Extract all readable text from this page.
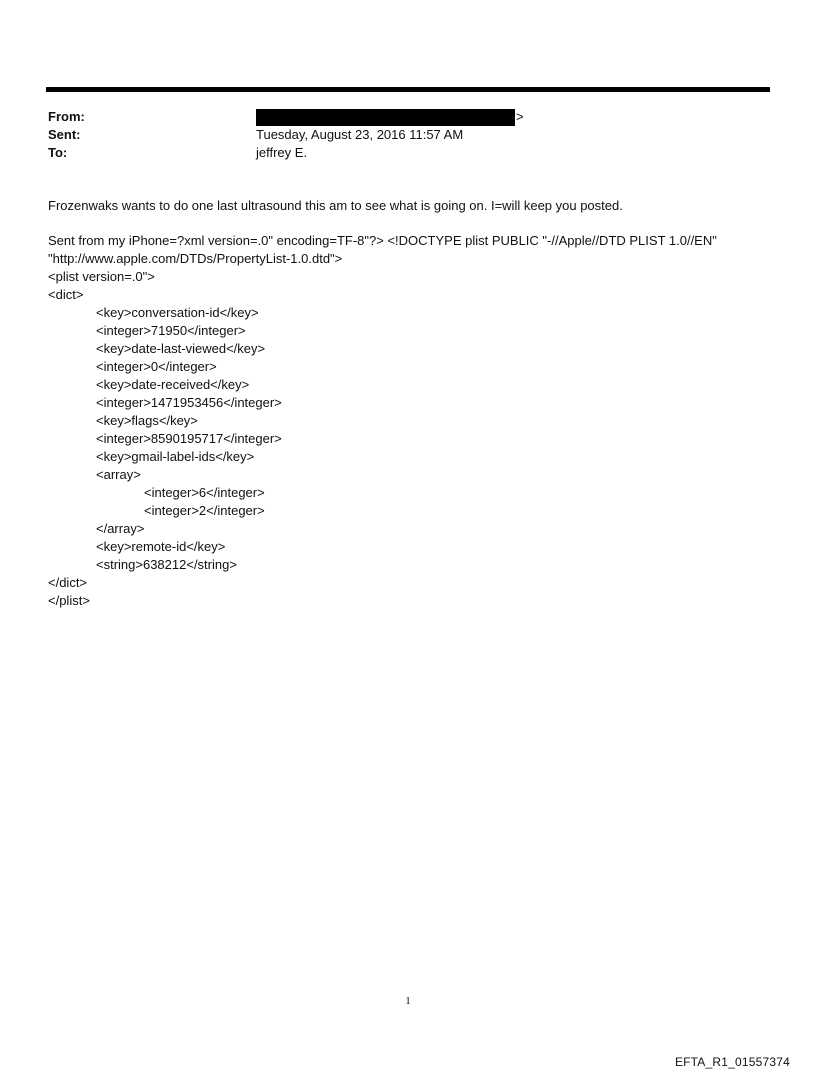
From:	>
Sent:	Tuesday, August 23, 2016 11:57 AM
To:	jeffrey E.

Frozenwaks wants to do one last ultrasound this am to see what is going on. I=will keep you posted.

Sent from my iPhone=?xml version=.0" encoding=TF-8"?> <!DOCTYPE plist PUBLIC "-//Apple//DTD PLIST 1.0//EN"
"http://www.apple.com/DTDs/PropertyList-1.0.dtd">
<plist version=.0">
<dict>
<key>conversation-id</key>
<integer>71950</integer>
<key>date-last-viewed</key>
<integer>0</integer>
<key>date-received</key>
<integer>1471953456</integer>
<key>flags</key>
<integer>8590195717</integer>
<key>gmail-label-ids</key>
<array>
<integer>6</integer>
<integer>2</integer>
</array>
<key>remote-id</key>
<string>638212</string>
</dict>
</plist>
1
EFTA_R1_01557374
